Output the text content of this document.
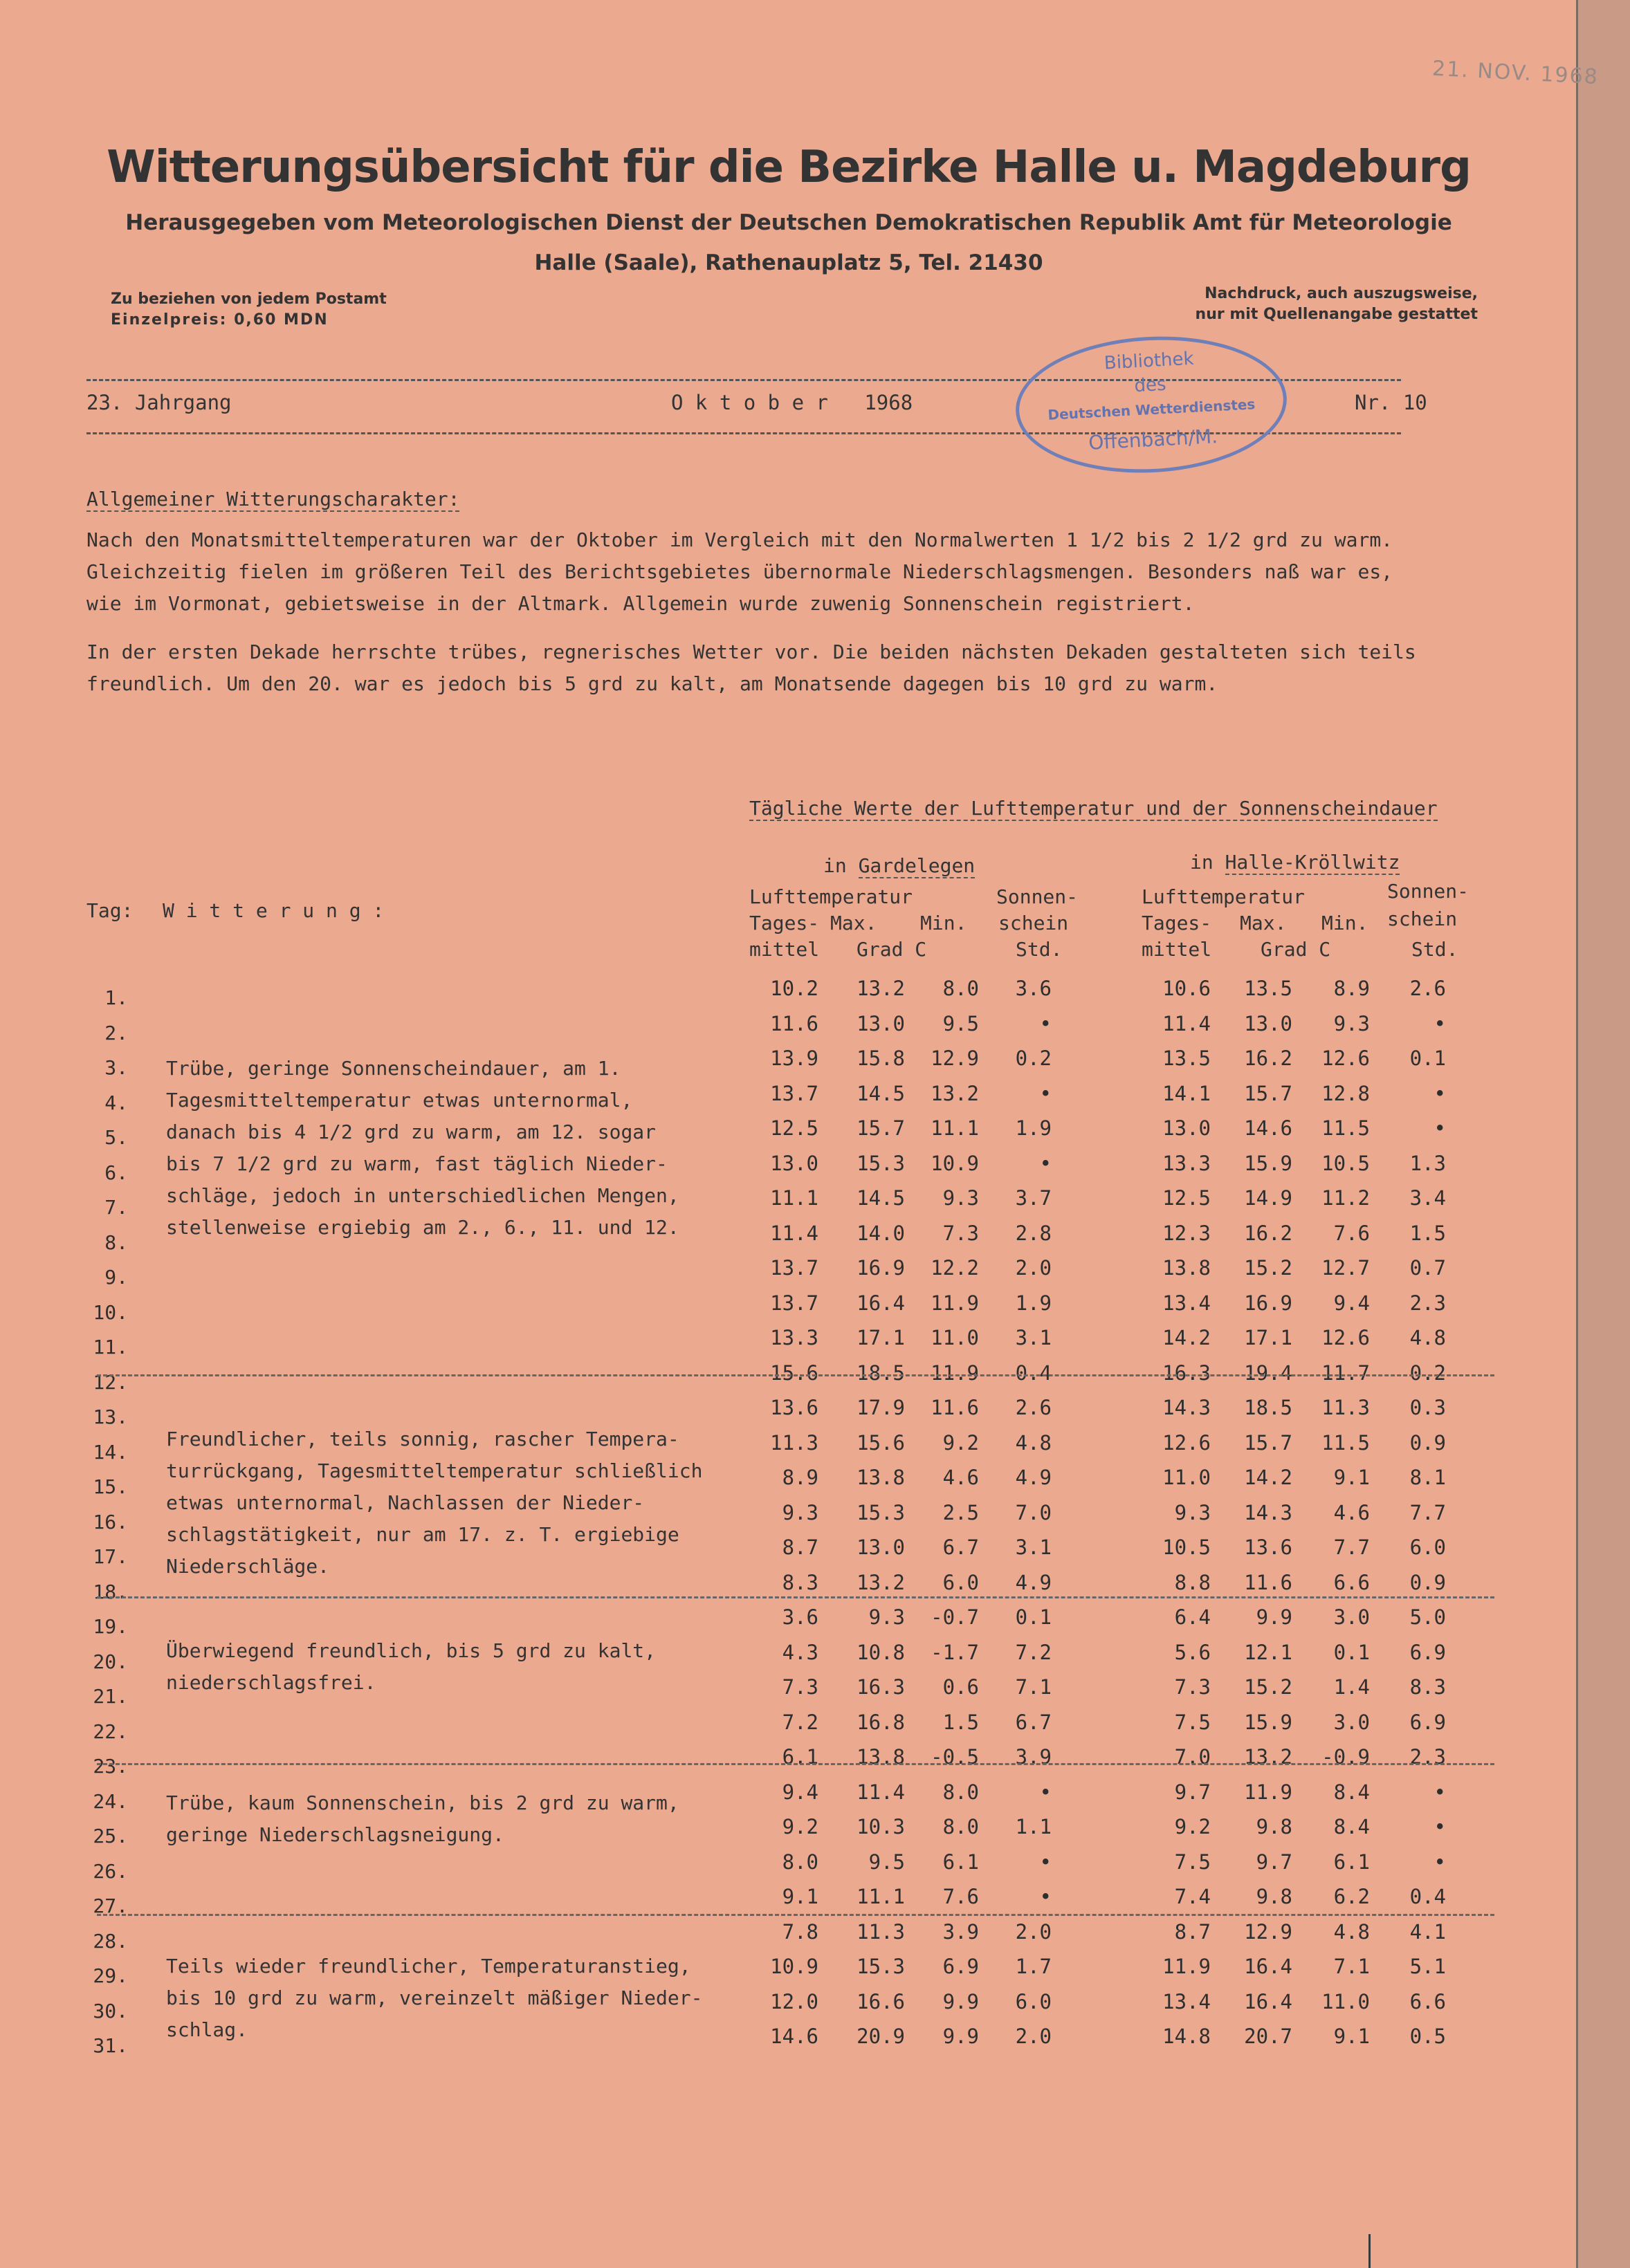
21. NOV. 1968
Witterungsübersicht für die Bezirke Halle u. Magdeburg
Herausgegeben vom Meteorologischen Dienst der Deutschen Demokratischen Republik Amt für Meteorologie
Halle (Saale), Rathenauplatz 5, Tel. 21430
Zu beziehen von jedem Postamt
Einzelpreis: 0,60 MDN
Nachdruck, auch auszugsweise,
nur mit Quellenangabe gestattet
23. Jahrgang	O k t o b e r   1968	Nr. 10
Bibliothek
des
Deutschen Wetterdienstes
Offenbach/M.
Allgemeiner Witterungscharakter:
Nach den Monatsmitteltemperaturen war der Oktober im Vergleich mit den Normalwerten 1 1/2 bis 2 1/2 grd zu warm.
Gleichzeitig fielen im größeren Teil des Berichtsgebietes übernormale Niederschlagsmengen. Besonders naß war es,
wie im Vormonat, gebietsweise in der Altmark. Allgemein wurde zuwenig Sonnenschein registriert.
In der ersten Dekade herrschte trübes, regnerisches Wetter vor. Die beiden nächsten Dekaden gestalteten sich teils
freundlich. Um den 20. war es jedoch bis 5 grd zu kalt, am Monatsende dagegen bis 10 grd zu warm.
Tägliche Werte der Lufttemperatur und der Sonnenscheindauer
in Gardelegen	in Halle-Kröllwitz
Tag: W i t t e r u n g :
Lufttemperatur	Sonnen-
Tages- Max. Min. schein
mittel Grad C	Std.
Lufttemperatur	Sonnen-
Tages- Max. Min. schein
mittel	Grad C	Std.
1.	10.2	13.2	8.0	3.6	10.6	13.5	8.9	2.6
2.	11.6	13.0	9.5	•	11.4	13.0	9.3	•
3.	13.9	15.8	12.9	0.2	13.5	16.2	12.6	0.1
4.	13.7	14.5	13.2	•	14.1	15.7	12.8	•
5.	12.5	15.7	11.1	1.9	13.0	14.6	11.5	•
6.	13.0	15.3	10.9	•	13.3	15.9	10.5	1.3
7.	11.1	14.5	9.3	3.7	12.5	14.9	11.2	3.4
8.	11.4	14.0	7.3	2.8	12.3	16.2	7.6	1.5
9.	13.7	16.9	12.2	2.0	13.8	15.2	12.7	0.7
10.	13.7	16.4	11.9	1.9	13.4	16.9	9.4	2.3
11.	13.3	17.1	11.0	3.1	14.2	17.1	12.6	4.8
12.	15.6	18.5	11.9	0.4	16.3	19.4	11.7	0.2
13.	13.6	17.9	11.6	2.6	14.3	18.5	11.3	0.3
14.	11.3	15.6	9.2	4.8	12.6	15.7	11.5	0.9
15.	8.9	13.8	4.6	4.9	11.0	14.2	9.1	8.1
16.	9.3	15.3	2.5	7.0	9.3	14.3	4.6	7.7
17.	8.7	13.0	6.7	3.1	10.5	13.6	7.7	6.0
18.	8.3	13.2	6.0	4.9	8.8	11.6	6.6	0.9
19.	3.6	9.3	-0.7	0.1	6.4	9.9	3.0	5.0
20.	4.3	10.8	-1.7	7.2	5.6	12.1	0.1	6.9
21.	7.3	16.3	0.6	7.1	7.3	15.2	1.4	8.3
22.	7.2	16.8	1.5	6.7	7.5	15.9	3.0	6.9
23.	6.1	13.8	-0.5	3.9	7.0	13.2	-0.9	2.3
24.	9.4	11.4	8.0	•	9.7	11.9	8.4	•
25.	9.2	10.3	8.0	1.1	9.2	9.8	8.4	•
26.	8.0	9.5	6.1	•	7.5	9.7	6.1	•
27.	9.1	11.1	7.6	•	7.4	9.8	6.2	0.4
28.	7.8	11.3	3.9	2.0	8.7	12.9	4.8	4.1
29.	10.9	15.3	6.9	1.7	11.9	16.4	7.1	5.1
30.	12.0	16.6	9.9	6.0	13.4	16.4	11.0	6.6
31.	14.6	20.9	9.9	2.0	14.8	20.7	9.1	0.5
Trübe, geringe Sonnenscheindauer, am 1.
Tagesmitteltemperatur etwas unternormal,
danach bis 4 1/2 grd zu warm, am 12. sogar
bis 7 1/2 grd zu warm, fast täglich Nieder-
schläge, jedoch in unterschiedlichen Mengen,
stellenweise ergiebig am 2., 6., 11. und 12.
Freundlicher, teils sonnig, rascher Tempera-
turrückgang, Tagesmitteltemperatur schließlich
etwas unternormal, Nachlassen der Nieder-
schlagstätigkeit, nur am 17. z. T. ergiebige
Niederschläge.
Überwiegend freundlich, bis 5 grd zu kalt,
niederschlagsfrei.
Trübe, kaum Sonnenschein, bis 2 grd zu warm,
geringe Niederschlagsneigung.
Teils wieder freundlicher, Temperaturanstieg,
bis 10 grd zu warm, vereinzelt mäßiger Nieder-
schlag.
